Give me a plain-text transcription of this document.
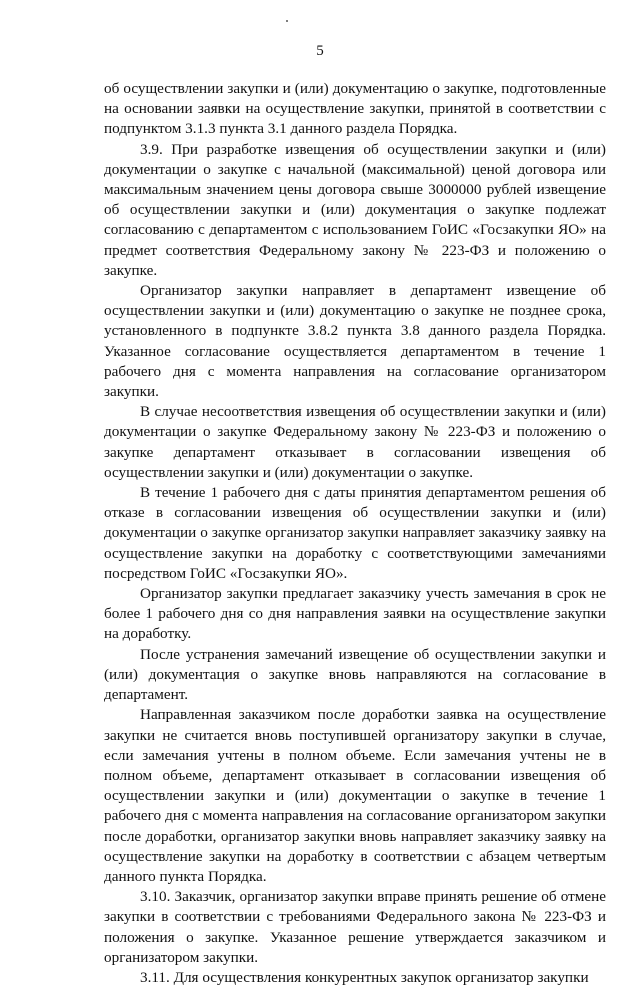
5

об осуществлении закупки и (или) документацию о закупке, подготовленные на основании заявки на осуществление закупки, принятой в соответствии с подпунктом 3.1.3 пункта 3.1 данного раздела Порядка.

3.9. При разработке извещения об осуществлении закупки и (или) документации о закупке с начальной (максимальной) ценой договора или максимальным значением цены договора свыше 3000000 рублей извещение об осуществлении закупки и (или) документация о закупке подлежат согласованию с департаментом с использованием ГоИС «Госзакупки ЯО» на предмет соответствия Федеральному закону № 223-ФЗ и положению о закупке.

Организатор закупки направляет в департамент извещение об осуществлении закупки и (или) документацию о закупке не позднее срока, установленного в подпункте 3.8.2 пункта 3.8 данного раздела Порядка. Указанное согласование осуществляется департаментом в течение 1 рабочего дня с момента направления на согласование организатором закупки.

В случае несоответствия извещения об осуществлении закупки и (или) документации о закупке Федеральному закону № 223-ФЗ и положению о закупке департамент отказывает в согласовании извещения об осуществлении закупки и (или) документации о закупке.

В течение 1 рабочего дня с даты принятия департаментом решения об отказе в согласовании извещения об осуществлении закупки и (или) документации о закупке организатор закупки направляет заказчику заявку на осуществление закупки на доработку с соответствующими замечаниями посредством ГоИС «Госзакупки ЯО».

Организатор закупки предлагает заказчику учесть замечания в срок не более 1 рабочего дня со дня направления заявки на осуществление закупки на доработку.

После устранения замечаний извещение об осуществлении закупки и (или) документация о закупке вновь направляются на согласование в департамент.

Направленная заказчиком после доработки заявка на осуществление закупки не считается вновь поступившей организатору закупки в случае, если замечания учтены в полном объеме. Если замечания учтены не в полном объеме, департамент отказывает в согласовании извещения об осуществлении закупки и (или) документации о закупке в течение 1 рабочего дня с момента направления на согласование организатором закупки после доработки, организатор закупки вновь направляет заказчику заявку на осуществление закупки на доработку в соответствии с абзацем четвертым данного пункта Порядка.

3.10. Заказчик, организатор закупки вправе принять решение об отмене закупки в соответствии с требованиями Федерального закона № 223-ФЗ и положения о закупке. Указанное решение утверждается заказчиком и организатором закупки.

3.11. Для осуществления конкурентных закупок организатор закупки
